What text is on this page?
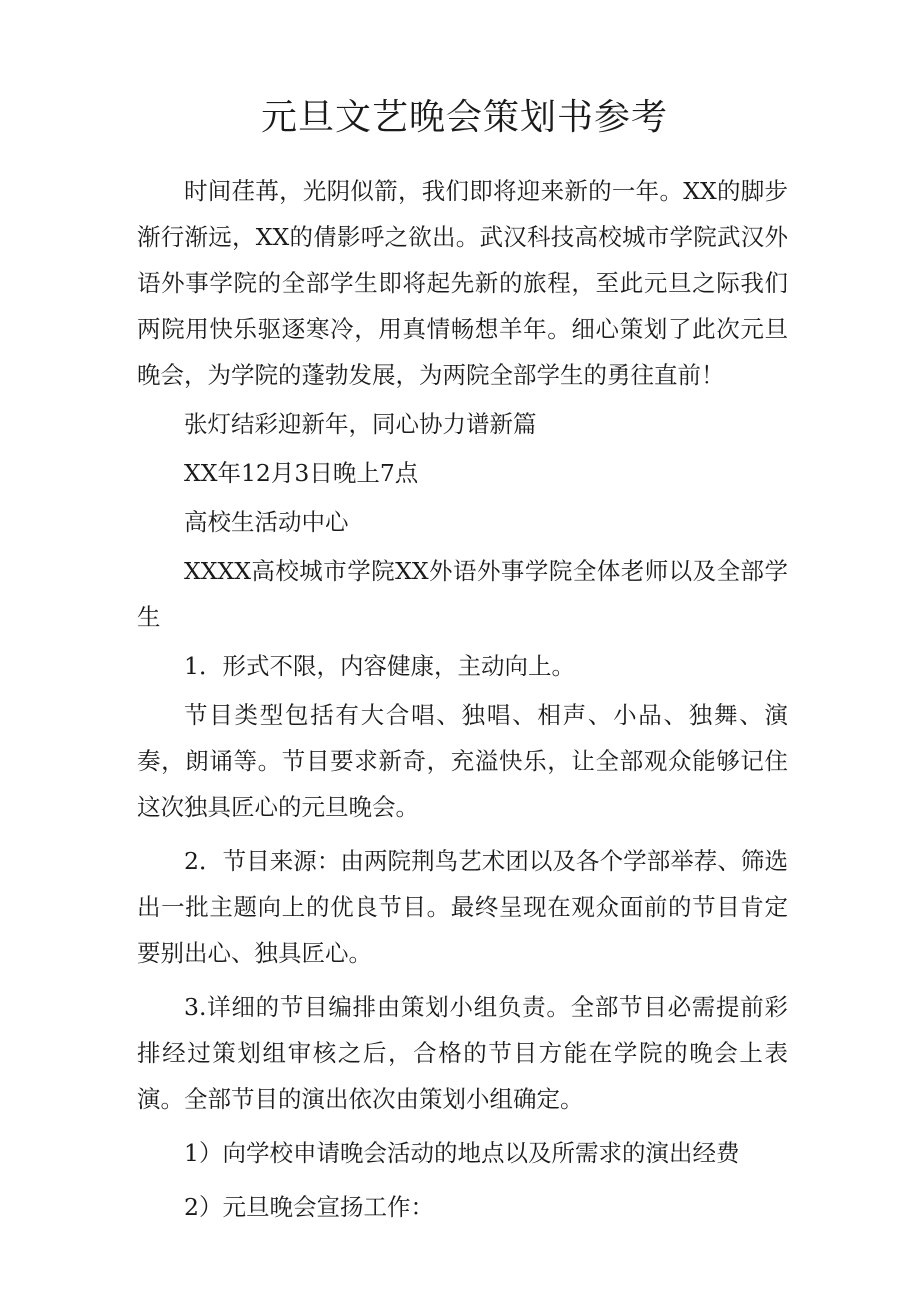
元旦文艺晚会策划书参考

时间荏苒，光阴似箭，我们即将迎来新的一年。XX的脚步渐行渐远，XX的倩影呼之欲出。武汉科技高校城市学院武汉外语外事学院的全部学生即将起先新的旅程，至此元旦之际我们两院用快乐驱逐寒冷，用真情畅想羊年。细心策划了此次元旦晚会，为学院的蓬勃发展，为两院全部学生的勇往直前！

张灯结彩迎新年，同心协力谱新篇

XX年12月3日晚上7点

高校生活动中心

XXXX高校城市学院XX外语外事学院全体老师以及全部学生

1．形式不限，内容健康，主动向上。

节目类型包括有大合唱、独唱、相声、小品、独舞、演奏，朗诵等。节目要求新奇，充溢快乐，让全部观众能够记住这次独具匠心的元旦晚会。

2．节目来源：由两院荆鸟艺术团以及各个学部举荐、筛选出一批主题向上的优良节目。最终呈现在观众面前的节目肯定要别出心、独具匠心。

3.详细的节目编排由策划小组负责。全部节目必需提前彩排经过策划组审核之后，合格的节目方能在学院的晚会上表演。全部节目的演出依次由策划小组确定。

1）向学校申请晚会活动的地点以及所需求的演出经费

2）元旦晚会宣扬工作：
